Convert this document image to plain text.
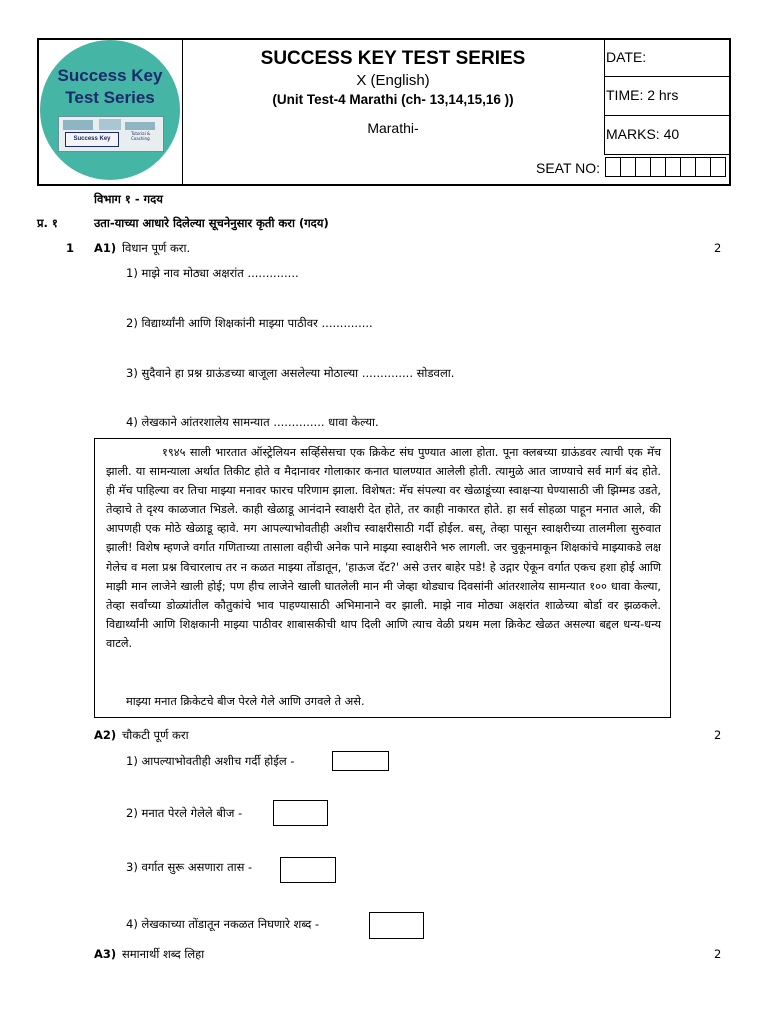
Success Key
Test Series
Success Key
Tutorial & Coaching
SUCCESS KEY TEST SERIES
X (English)
(Unit Test-4 Marathi (ch- 13,14,15,16 ))
Marathi-
DATE:
TIME: 2 hrs
MARKS: 40
SEAT NO:
विभाग १ - गदय
प्र. १	उता-याच्या आधारे दिलेल्या सूचनेनुसार कृती करा (गदय)
1 A1) विधान पूर्ण करा.	2
1) माझे नाव मोठ्या अक्षरांत ..............
2) विद्यार्थ्यांनी आणि शिक्षकांनी माझ्या पाठीवर ..............
3) सुदैवाने हा प्रश्न ग्राऊंडच्या बाजूला असलेल्या मोठाल्या .............. सोडवला.
4) लेखकाने आंतरशालेय सामन्यात .............. धावा केल्या.

१९४५ साली भारतात ऑस्ट्रेलियन सर्व्हिसेसचा एक क्रिकेट संघ पुण्यात आला होता. पूना क्लबच्या ग्राऊंडवर त्याची एक मॅच झाली. या सामन्याला अर्थात तिकीट होते व मैदानावर गोलाकार कनात घालण्यात आलेली होती. त्यामुळे आत जाण्याचे सर्व मार्ग बंद होते. ही मॅच पाहिल्या वर तिचा माझ्या मनावर फारच परिणाम झाला. विशेषत: मॅच संपल्या वर खेळाडूंच्या स्वाक्षऱ्या घेण्यासाठी जी झिम्मड उडते, तेव्हाचे ते दृश्य काळजात भिडले. काही खेळाडू आनंदाने स्वाक्षरी देत होते, तर काही नाकारत होते. हा सर्व सोहळा पाहून मनात आले, की आपणही एक मोठे खेळाडू व्हावे. मग आपल्याभोवतीही अशीच स्वाक्षरीसाठी गर्दी होईल. बस्, तेव्हा पासून स्वाक्षरीच्या तालमीला सुरुवात झाली! विशेष म्हणजे वर्गात गणिताच्या तासाला वहीची अनेक पाने माझ्या स्वाक्षरीने भरु लागली. जर चुकूनमाकून शिक्षकांचे माझ्याकडे लक्ष गेलेच व मला प्रश्न विचारलाच तर न कळत माझ्या तोंडातून, 'हाऊज दॅट?' असे उत्तर बाहेर पडे! हे उद्गार ऐकून वर्गात एकच हशा होई आणि माझी मान लाजेने खाली होई; पण हीच लाजेने खाली घातलेली मान मी जेव्हा थोड्याच दिवसांनी आंतरशालेय सामन्यात १०० धावा केल्या, तेव्हा सर्वांच्या डोळ्यांतील कौतुकांचे भाव पाहण्यासाठी अभिमानाने वर झाली. माझे नाव मोठ्या अक्षरांत शाळेच्या बोर्डा वर झळकले. विद्यार्थ्यांनी आणि शिक्षकानी माझ्या पाठीवर शाबासकीची थाप दिली आणि त्याच वेळी प्रथम मला क्रिकेट खेळत असल्या बद्दल धन्य-धन्य वाटले.

माझ्या मनात क्रिकेटचे बीज पेरले गेले आणि उगवले ते असे.

A2) चौकटी पूर्ण करा	2
1) आपल्याभोवतीही अशीच गर्दी होईल -
2) मनात पेरले गेलेले बीज -
3) वर्गात सुरू असणारा तास -
4) लेखकाच्या तोंडातून नकळत निघणारे शब्द -
A3) समानार्थी शब्द लिहा	2
